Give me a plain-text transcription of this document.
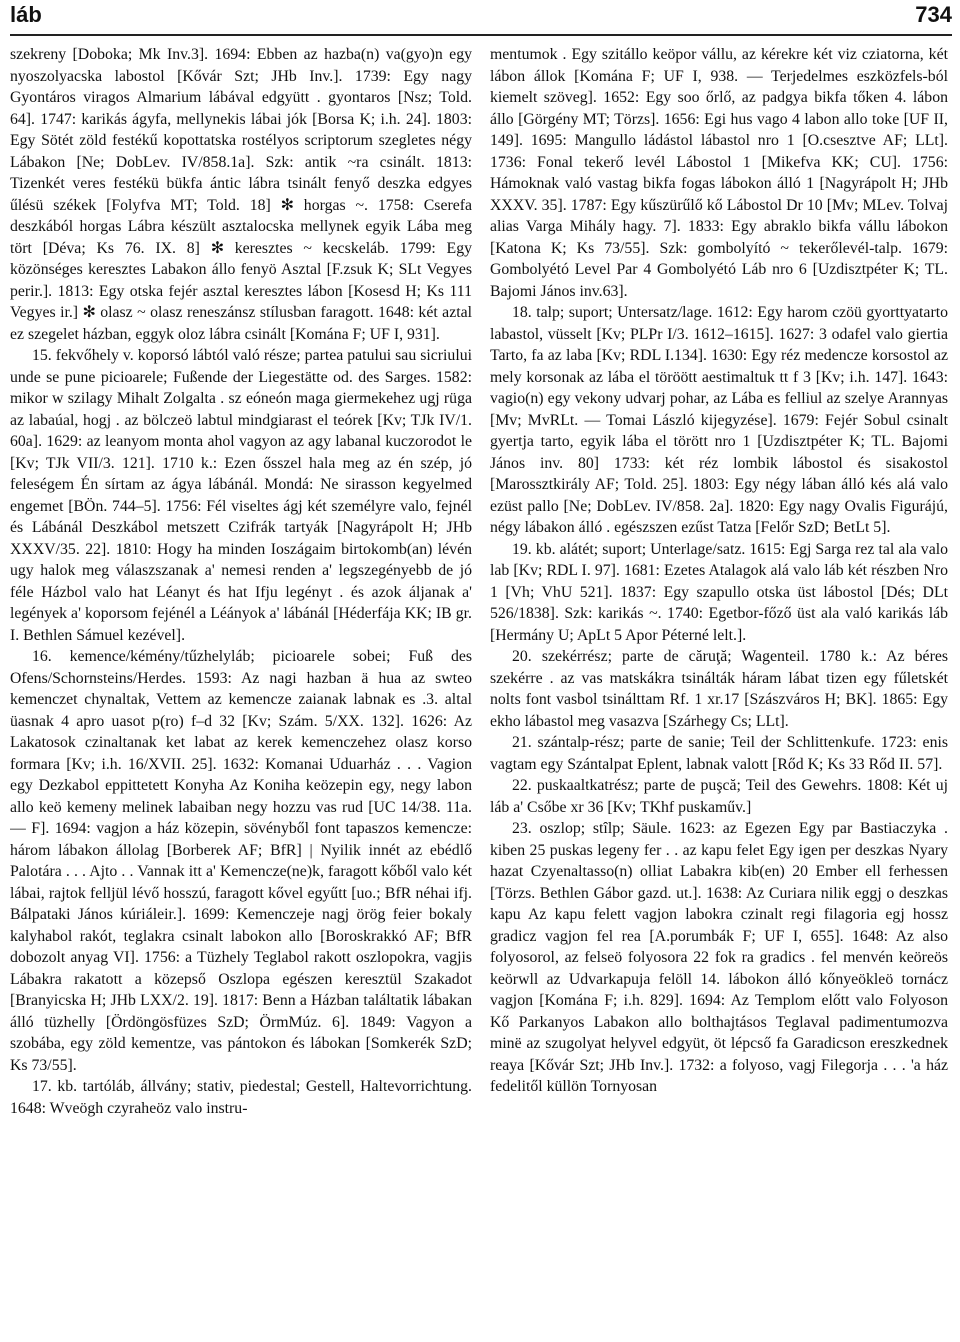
láb	734

szekreny [Doboka; Mk Inv.3]. 1694: Ebben az hazba(n) va(gyo)n egy nyoszolyacska labostol [Kővár Szt; JHb Inv.]. 1739: Egy nagy Gyontáros viragos Almarium lábával edgyütt . gyontaros [Nsz; Told. 64]. 1747: karikás ágyfa, mellynekis lábai jók [Borsa K; i.h. 24]. 1803: Egy Sötét zöld festékű kopottatska rostélyos scriptorum szegletes négy Lábakon [Ne; DobLev. IV/858.1a]. Szk: antik ~ra csinált. 1813: Tizenkét veres festékü bükfa ántic lábra tsinált fenyő deszka edgyes űlésü székek [Folyfva MT; Told. 18] ✻ horgas ~. 1758: Cserefa deszkából horgas Lábra készült asztalocska mellynek egyik Lába meg tört [Déva; Ks 76. IX. 8] ✻ keresztes ~ kecskeláb. 1799: Egy közönséges keresztes Labakon állo fenyö Asztal [F.zsuk K; SLt Vegyes perir.]. 1813: Egy otska fejér asztal keresztes lábon [Kosesd H; Ks 111 Vegyes ir.] ✻ olasz ~ olasz reneszánsz stílusban faragott. 1648: két aztal ez szegelet házban, eggyk oloz lábra csinált [Komána F; UF I, 931].

15. fekvőhely v. koporsó lábtól való része; partea patului sau sicriului unde se pune picioarele; Fußende der Liegestätte od. des Sarges. 1582: mikor w szilagy Mihalt Zolgalta . sz eóneón maga giermekehez ugj rüga az labaúal, hogj . az bölczeö labtul mindgiarast el teórek [Kv; TJk IV/1. 60a]. 1629: az leanyom monta ahol vagyon az agy labanal kuczorodot le [Kv; TJk VII/3. 121]. 1710 k.: Ezen ősszel hala meg az én szép, jó feleségem Én sírtam az ágya lábánál. Mondá: Ne sirasson kegyelmed engemet [BÖn. 744–5]. 1756: Fél viseltes ágj két személyre valo, fejnél és Lábánál Deszkábol metszett Czifrák tartyák [Nagyrápolt H; JHb XXXV/35. 22]. 1810: Hogy ha minden Ioszágaim birtokomb(an) lévén ugy halok meg válaszszanak a' nemesi renden a' legszegényebb de jó féle Házbol valo hat Léanyt és hat Ifju legényt . és azok áljanak a' legények a' koporsom fejénél a Léányok a' lábánál [Héderfája KK; IB gr. I. Bethlen Sámuel kezével].

16. kemence/kémény/tűzhelyláb; picioarele sobei; Fuß des Ofens/Schornsteins/Herdes. 1593: Az nagi hazban ä hua az swteo kemenczet chynaltak, Vettem az kemencze zaianak labnak es .3. altal üasnak 4 apro uasot p(ro) f–d 32 [Kv; Szám. 5/XX. 132]. 1626: Az Lakatosok czinaltanak ket labat az kerek kemenczehez olasz korso formara [Kv; i.h. 16/XVII. 25]. 1632: Komanai Uduarház . . . Vagion egy Dezkabol eppittetett Konyha Az Koniha keözepin egy, negy labon allo keö kemeny melinek labaiban negy hozzu vas rud [UC 14/38. 11a. — F]. 1694: vagjon a ház közepin, sövényből font tapaszos kemencze: három lábakon állolag [Borberek AF; BfR] | Nyilik innét az ebédlő Palotára . . . Ajto . . Vannak itt a' Kemencze(ne)k, faragott kőből valo két lábai, rajtok felljül lévő hosszú, faragott kővel egyűtt [uo.; BfR néhai ifj. Bálpataki János kúriáleir.]. 1699: Kemenczeje nagj örög feier bokaly kalyhabol rakót, teglakra csinalt labokon allo [Boroskrakkó AF; BfR dobozolt anyag VI]. 1756: a Tüzhely Teglabol rakott oszlopokra, vagjis Lábakra rakatott a közepső Oszlopa egészen keresztül Szakadot [Branyicska H; JHb LXX/2. 19]. 1817: Benn a Házban találtatik lábakan álló tüzhelly [Ördöngösfüzes SzD; ÖrmMúz. 6]. 1849: Vagyon a szobába, egy zöld kementze, vas pántokon és lábokan [Somkerék SzD; Ks 73/55].

17. kb. tartóláb, állvány; stativ, piedestal; Gestell, Haltevorrichtung. 1648: Wveögh czyraheöz valo instru-

mentumok . Egy szitállo keöpor vállu, az kérekre két viz cziatorna, két lábon állok [Komána F; UF I, 938. — Terjedelmes eszközfels-ból kiemelt szöveg]. 1652: Egy soo őrlő, az padgya bikfa tőken 4. lábon állo [Görgény MT; Törzs]. 1656: Egi hus vago 4 labon allo toke [UF II, 149]. 1695: Mangullo ládástol lábastol nro 1 [O.csesztve AF; LLt]. 1736: Fonal tekerő levél Lábostol 1 [Mikefva KK; CU]. 1756: Hámoknak való vastag bikfa fogas lábokon álló 1 [Nagyrápolt H; JHb XXXV. 35]. 1787: Egy kűszürűlő kő Lábostol Dr 10 [Mv; MLev. Tolvaj alias Varga Mihály hagy. 7]. 1833: Egy abraklo bikfa vállu lábokon [Katona K; Ks 73/55]. Szk: gombolyító ~ tekerőlevél-talp. 1679: Gombolyétó Level Par 4 Gombolyétó Láb nro 6 [Uzdisztpéter K; TL. Bajomi János inv.63].

18. talp; suport; Untersatz/lage. 1612: Egy harom czöü gyorttyatarto labastol, vüsselt [Kv; PLPr I/3. 1612–1615]. 1627: 3 odafel valo giertia Tarto, fa az laba [Kv; RDL I.134]. 1630: Egy réz medencze korsostol az mely korsonak az lába el töröött aestimaltuk tt f 3 [Kv; i.h. 147]. 1643: vagio(n) egy vekony udvarj pohar, az Lába es felliul az szelye Arannyas [Mv; MvRLt. — Tomai László kijegyzése]. 1679: Fejér Sobul csinalt gyertja tarto, egyik lába el törött nro 1 [Uzdisztpéter K; TL. Bajomi János inv. 80] 1733: két réz lombik lábostol és sisakostol [Marossztkirály AF; Told. 25]. 1803: Egy négy lában álló kés alá valo ezüst pallo [Ne; DobLev. IV/858. 2a]. 1820: Egy nagy Ovalis Figurájú, négy lábakon álló . egészszen ezűst Tatza [Felőr SzD; BetLt 5].

19. kb. alátét; suport; Unterlage/satz. 1615: Egj Sarga rez tal ala valo lab [Kv; RDL I. 97]. 1681: Ezetes Atalagok alá valo láb két részben Nro 1 [Vh; VhU 521]. 1837: Egy szapullo otska üst lábostol [Dés; DLt 526/1838]. Szk: karikás ~. 1740: Egetbor-főző üst ala való karikás láb [Hermány U; ApLt 5 Apor Péterné lelt.].

20. szekérrész; parte de căruţă; Wagenteil. 1780 k.: Az béres szekérre . az vas matskákra tsinálták háram lábat tizen egy fűletskét nolts font vasbol tsinálttam Rf. 1 xr.17 [Szászváros H; BK]. 1865: Egy ekho lábastol meg vasazva [Szárhegy Cs; LLt].

21. szántalp-rész; parte de sanie; Teil der Schlittenkufe. 1723: enis vagtam egy Szántalpat Eplent, labnak valott [Rőd K; Ks 33 Rőd II. 57].

22. puskaaltkatrész; parte de puşcă; Teil des Gewehrs. 1808: Két uj láb a' Csőbe xr 36 [Kv; TKhf puskaműv.]

23. oszlop; stîlp; Säule. 1623: az Egezen Egy par Bastiaczyka . kiben 25 puskas legeny fer . . az kapu felet Egy igen per deszkas Nyary hazat Czyenaltasso(n) olliat Labakra kib(en) 20 Ember ell ferhessen [Törzs. Bethlen Gábor gazd. ut.]. 1638: Az Curiara nilik eggj o deszkas kapu Az kapu felett vagjon labokra czinalt regi filagoria egj hossz gradicz vagjon fel rea [A.porumbák F; UF I, 655]. 1648: Az also folyosorol, az felseö folyosora 22 fok ra gradics . fel menvén keöreös keörwll az Udvarkapuja felöll 14. lábokon álló kőnyeökleö tornácz vagjon [Komána F; i.h. 829]. 1694: Az Templom előtt valo Folyoson Kő Parkanyos Labakon allo bolthajtásos Teglaval padimentumozva minë az szugolyat helyvel edgyüt, öt lépcső fa Garadicson ereszkednek reaya [Kővár Szt; JHb Inv.]. 1732: a folyoso, vagj Filegorja . . . 'a ház fedelitől küllön Tornyosan
